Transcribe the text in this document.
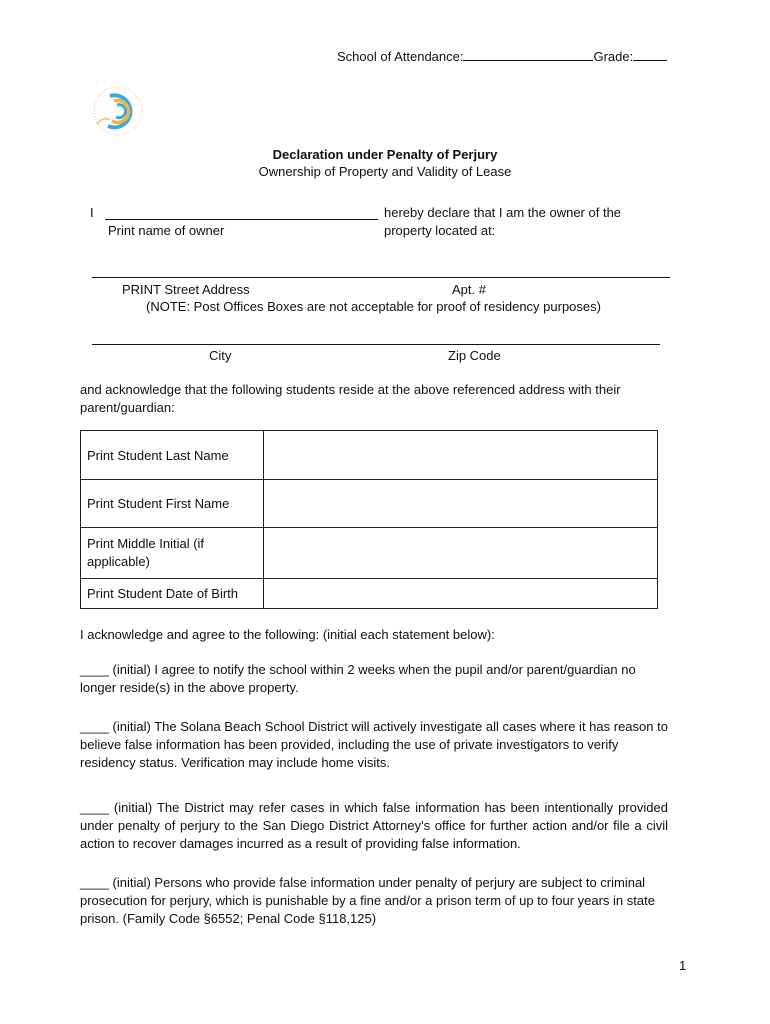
School of Attendance:	Grade:
Declaration under Penalty of Perjury
Ownership of Property and Validity of Lease
I	hereby declare that I am the owner of the
Print name of owner	property located at:
PRINT Street Address	Apt. #
(NOTE: Post Offices Boxes are not acceptable for proof of residency purposes)
City	Zip Code
and acknowledge that the following students reside at the above referenced address with their
parent/guardian:
Print Student Last Name	
Print Student First Name	
Print Middle Initial (if applicable)	
Print Student Date of Birth	
I acknowledge and agree to the following: (initial each statement below):
____ (initial) I agree to notify the school within 2 weeks when the pupil and/or parent/guardian no longer reside(s) in the above property.
____ (initial) The Solana Beach School District will actively investigate all cases where it has reason to believe false information has been provided, including the use of private investigators to verify residency status. Verification may include home visits.
____ (initial) The District may refer cases in which false information has been intentionally provided under penalty of perjury to the San Diego District Attorney's office for further action and/or file a civil action to recover damages incurred as a result of providing false information.
____ (initial) Persons who provide false information under penalty of perjury are subject to criminal prosecution for perjury, which is punishable by a fine and/or a prison term of up to four years in state prison. (Family Code §6552; Penal Code §118,125)
1
